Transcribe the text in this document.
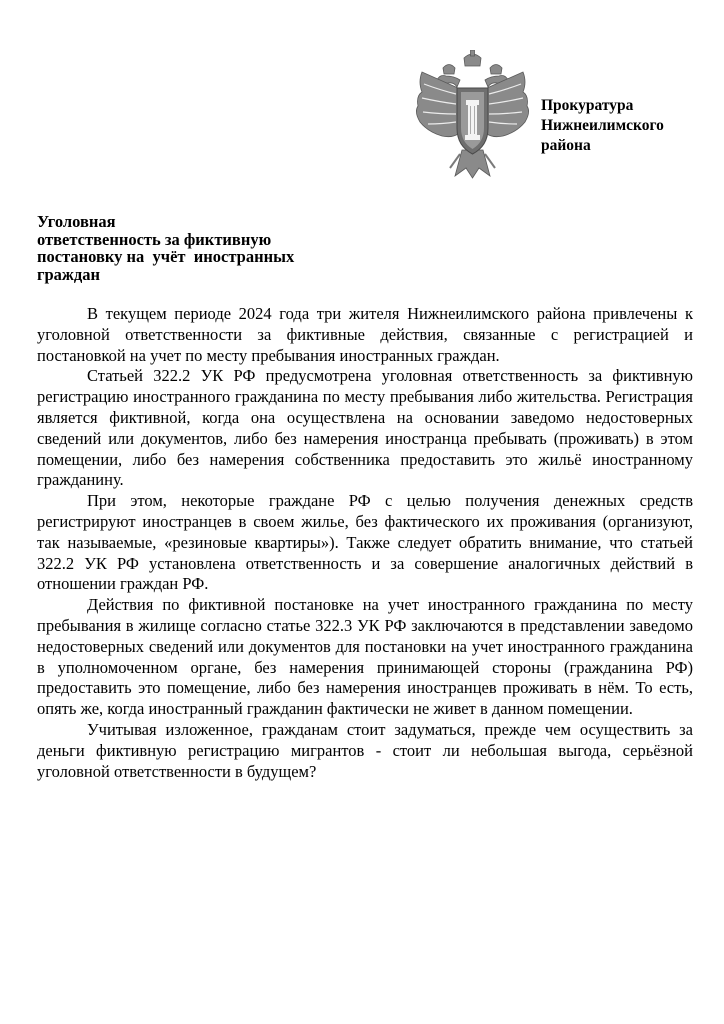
Прокуратура
Нижнеилимского
района
Уголовная
ответственность за фиктивную
постановку на  учёт  иностранных
граждан

В текущем периоде 2024 года три жителя Нижнеилимского района привлечены к уголовной ответственности за фиктивные действия, связанные с регистрацией и постановкой на учет по месту пребывания иностранных граждан.

Статьей 322.2 УК РФ предусмотрена уголовная ответственность за фиктивную регистрацию иностранного гражданина по месту пребывания либо жительства. Регистрация является фиктивной, когда она осуществлена на основании заведомо недостоверных сведений или документов, либо без намерения иностранца пребывать (проживать) в этом помещении, либо без намерения собственника предоставить это жильё иностранному гражданину.

При этом, некоторые граждане РФ с целью получения денежных средств регистрируют иностранцев в своем жилье, без фактического их проживания (организуют, так называемые, «резиновые квартиры»). Также следует обратить внимание, что статьей 322.2 УК РФ установлена ответственность и за совершение аналогичных действий в отношении граждан РФ.

Действия по фиктивной постановке на учет иностранного гражданина по месту пребывания в жилище согласно статье 322.3 УК РФ заключаются в представлении заведомо недостоверных сведений или документов для постановки на учет иностранного гражданина в уполномоченном органе, без намерения принимающей стороны (гражданина РФ) предоставить это помещение, либо без намерения иностранцев проживать в нём. То есть, опять же, когда иностранный гражданин фактически не живет в данном помещении.

Учитывая изложенное, гражданам стоит задуматься, прежде чем осуществить за деньги фиктивную регистрацию мигрантов - стоит ли небольшая выгода, серьёзной уголовной ответственности в будущем?
